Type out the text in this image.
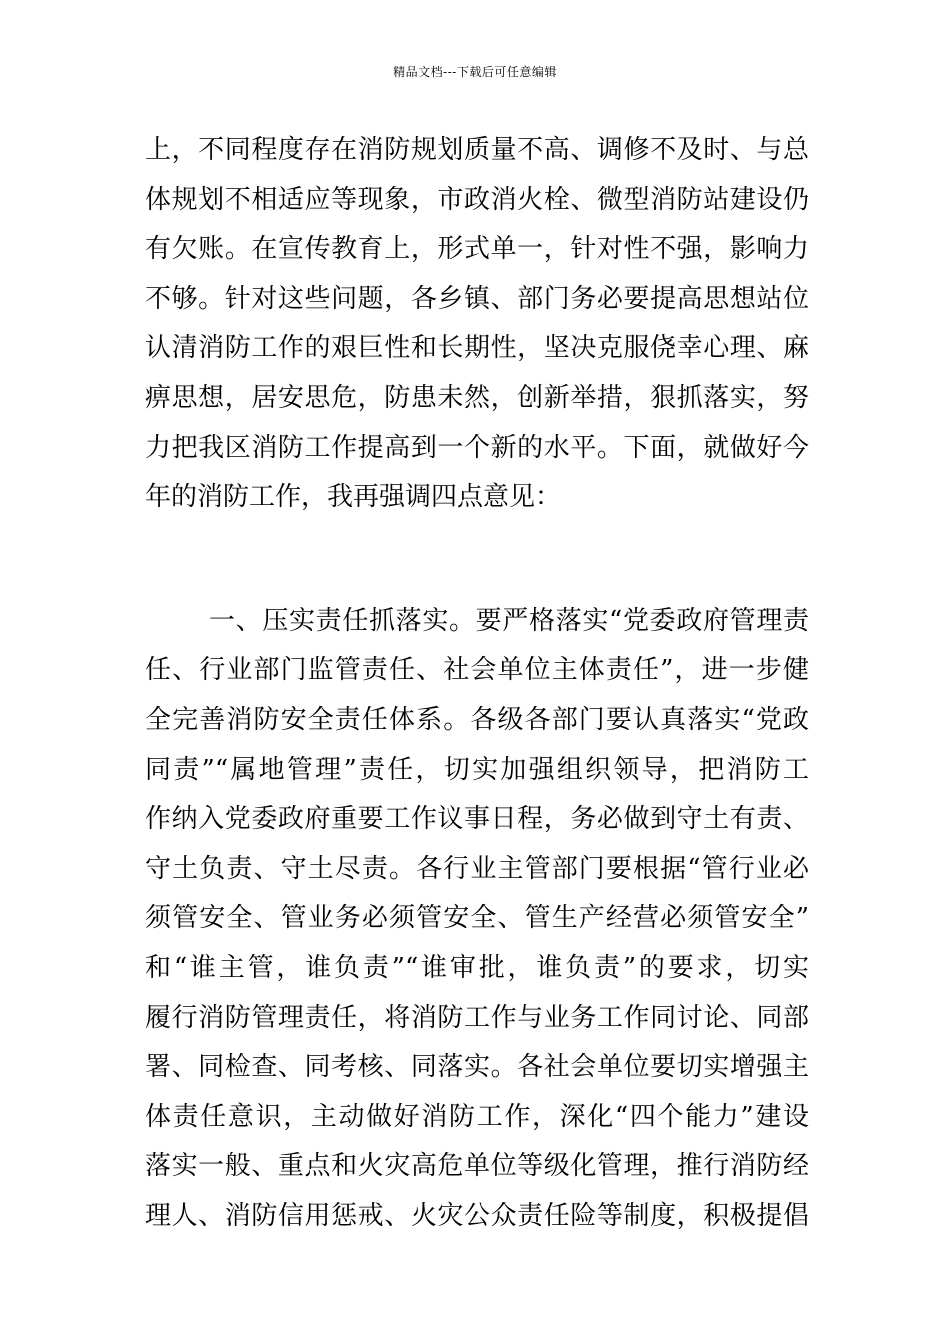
精品文档---下载后可任意编辑
上，不同程度存在消防规划质量不高、调修不及时、与总
体规划不相适应等现象，市政消火栓、微型消防站建设仍
有欠账。在宣传教育上，形式单一，针对性不强，影响力
不够。针对这些问题，各乡镇、部门务必要提高思想站位
认清消防工作的艰巨性和长期性，坚决克服侥幸心理、麻
痹思想，居安思危，防患未然，创新举措，狠抓落实，努
力把我区消防工作提高到一个新的水平。下面，就做好今
年的消防工作，我再强调四点意见：
一、压实责任抓落实。要严格落实“党委政府管理责
任、行业部门监管责任、社会单位主体责任”，进一步健
全完善消防安全责任体系。各级各部门要认真落实“党政
同责”“属地管理”责任，切实加强组织领导，把消防工
作纳入党委政府重要工作议事日程，务必做到守土有责、
守土负责、守土尽责。各行业主管部门要根据“管行业必
须管安全、管业务必须管安全、管生产经营必须管安全”
和“谁主管，谁负责”“谁审批，谁负责”的要求，切实
履行消防管理责任，将消防工作与业务工作同讨论、同部
署、同检查、同考核、同落实。各社会单位要切实增强主
体责任意识，主动做好消防工作，深化“四个能力”建设
落实一般、重点和火灾高危单位等级化管理，推行消防经
理人、消防信用惩戒、火灾公众责任险等制度，积极提倡
